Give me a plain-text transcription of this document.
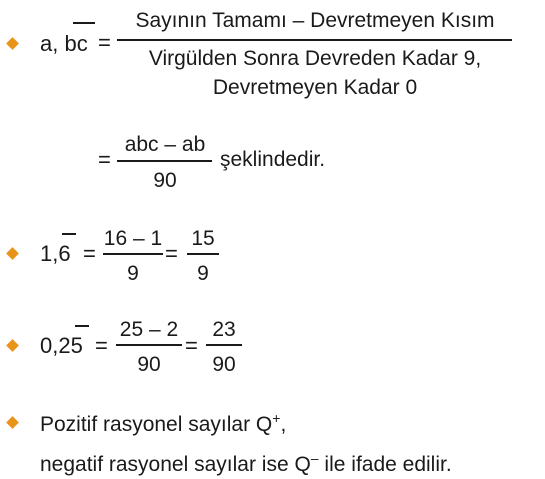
a, bc =
Sayının Tamamı – Devretmeyen Kısım
Virgülden Sonra Devreden Kadar 9,
Devretmeyen Kadar 0
=
abc – ab
90
şeklindedir.
1,6 =
16 – 1
9
=
15
9
0,25 =
25 – 2
90
=
23
90
Pozitif rasyonel sayılar Q+,
negatif rasyonel sayılar ise Q– ile ifade edilir.
